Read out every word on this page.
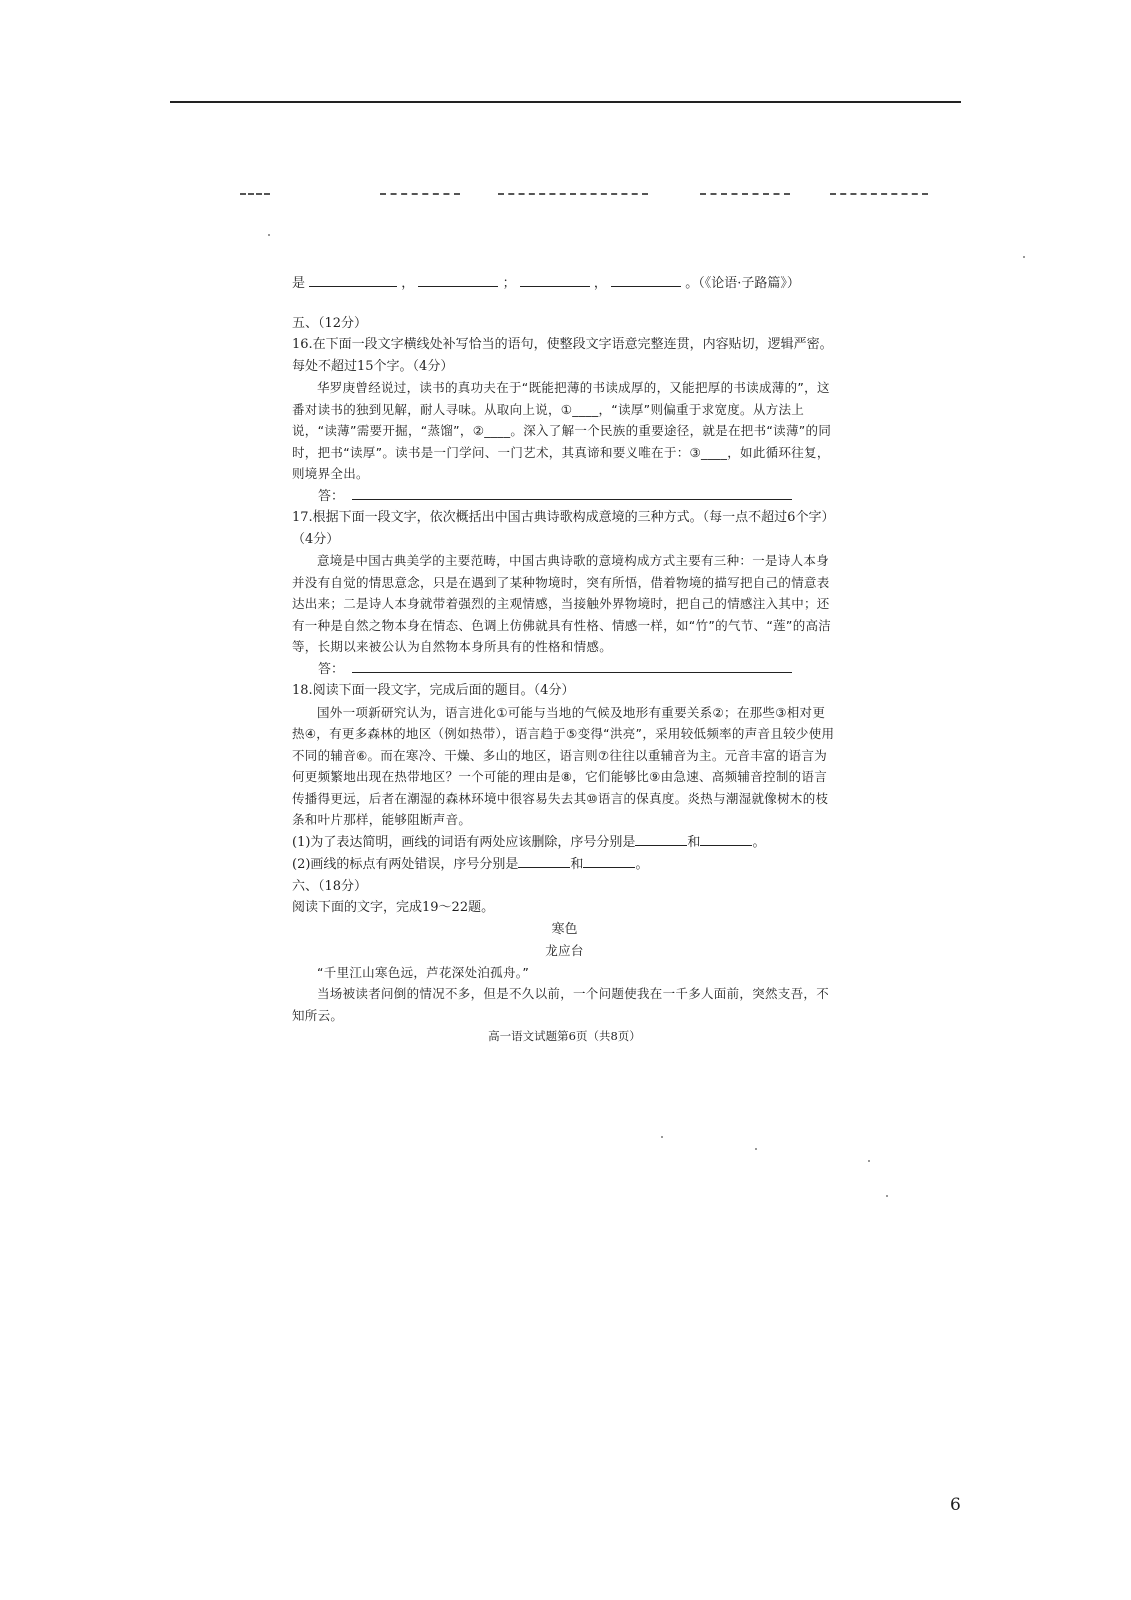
是	，	；	，	。（《论语·子路篇》）

五、（12分）

16.在下面一段文字横线处补写恰当的语句，使整段文字语意完整连贯，内容贴切，逻辑严密。每处不超过15个字。（4分）

华罗庚曾经说过，读书的真功夫在于“既能把薄的书读成厚的，又能把厚的书读成薄的”，这番对读书的独到见解，耐人寻味。从取向上说，①____，“读厚”则偏重于求宽度。从方法上说，“读薄”需要开掘，“蒸馏”，②____。深入了解一个民族的重要途径，就是在把书“读薄”的同时，把书“读厚”。读书是一门学问、一门艺术，其真谛和要义唯在于：③____，如此循环往复，则境界全出。

答：

17.根据下面一段文字，依次概括出中国古典诗歌构成意境的三种方式。（每一点不超过6个字）（4分）

意境是中国古典美学的主要范畴，中国古典诗歌的意境构成方式主要有三种：一是诗人本身并没有自觉的情思意念，只是在遇到了某种物境时，突有所悟，借着物境的描写把自己的情意表达出来；二是诗人本身就带着强烈的主观情感，当接触外界物境时，把自己的情感注入其中；还有一种是自然之物本身在情态、色调上仿佛就具有性格、情感一样，如“竹”的气节、“莲”的高洁等，长期以来被公认为自然物本身所具有的性格和情感。

答：

18.阅读下面一段文字，完成后面的题目。（4分）

国外一项新研究认为，语言进化①可能与当地的气候及地形有重要关系②；在那些③相对更热④，有更多森林的地区（例如热带），语言趋于⑤变得“洪亮”，采用较低频率的声音且较少使用不同的辅音⑥。而在寒冷、干燥、多山的地区，语言则⑦往往以重辅音为主。元音丰富的语言为何更频繁地出现在热带地区？一个可能的理由是⑧，它们能够比⑨由急速、高频辅音控制的语言传播得更远，后者在潮湿的森林环境中很容易失去其⑩语言的保真度。炎热与潮湿就像树木的枝条和叶片那样，能够阻断声音。

(1)为了表达简明，画线的词语有两处应该删除，序号分别是	和	。

(2)画线的标点有两处错误，序号分别是	和	。

六、（18分）

阅读下面的文字，完成19～22题。

寒色

龙应台

“千里江山寒色远，芦花深处泊孤舟。”

当场被读者问倒的情况不多，但是不久以前，一个问题使我在一千多人面前，突然支吾，不知所云。

高一语文试题第6页（共8页）

6
